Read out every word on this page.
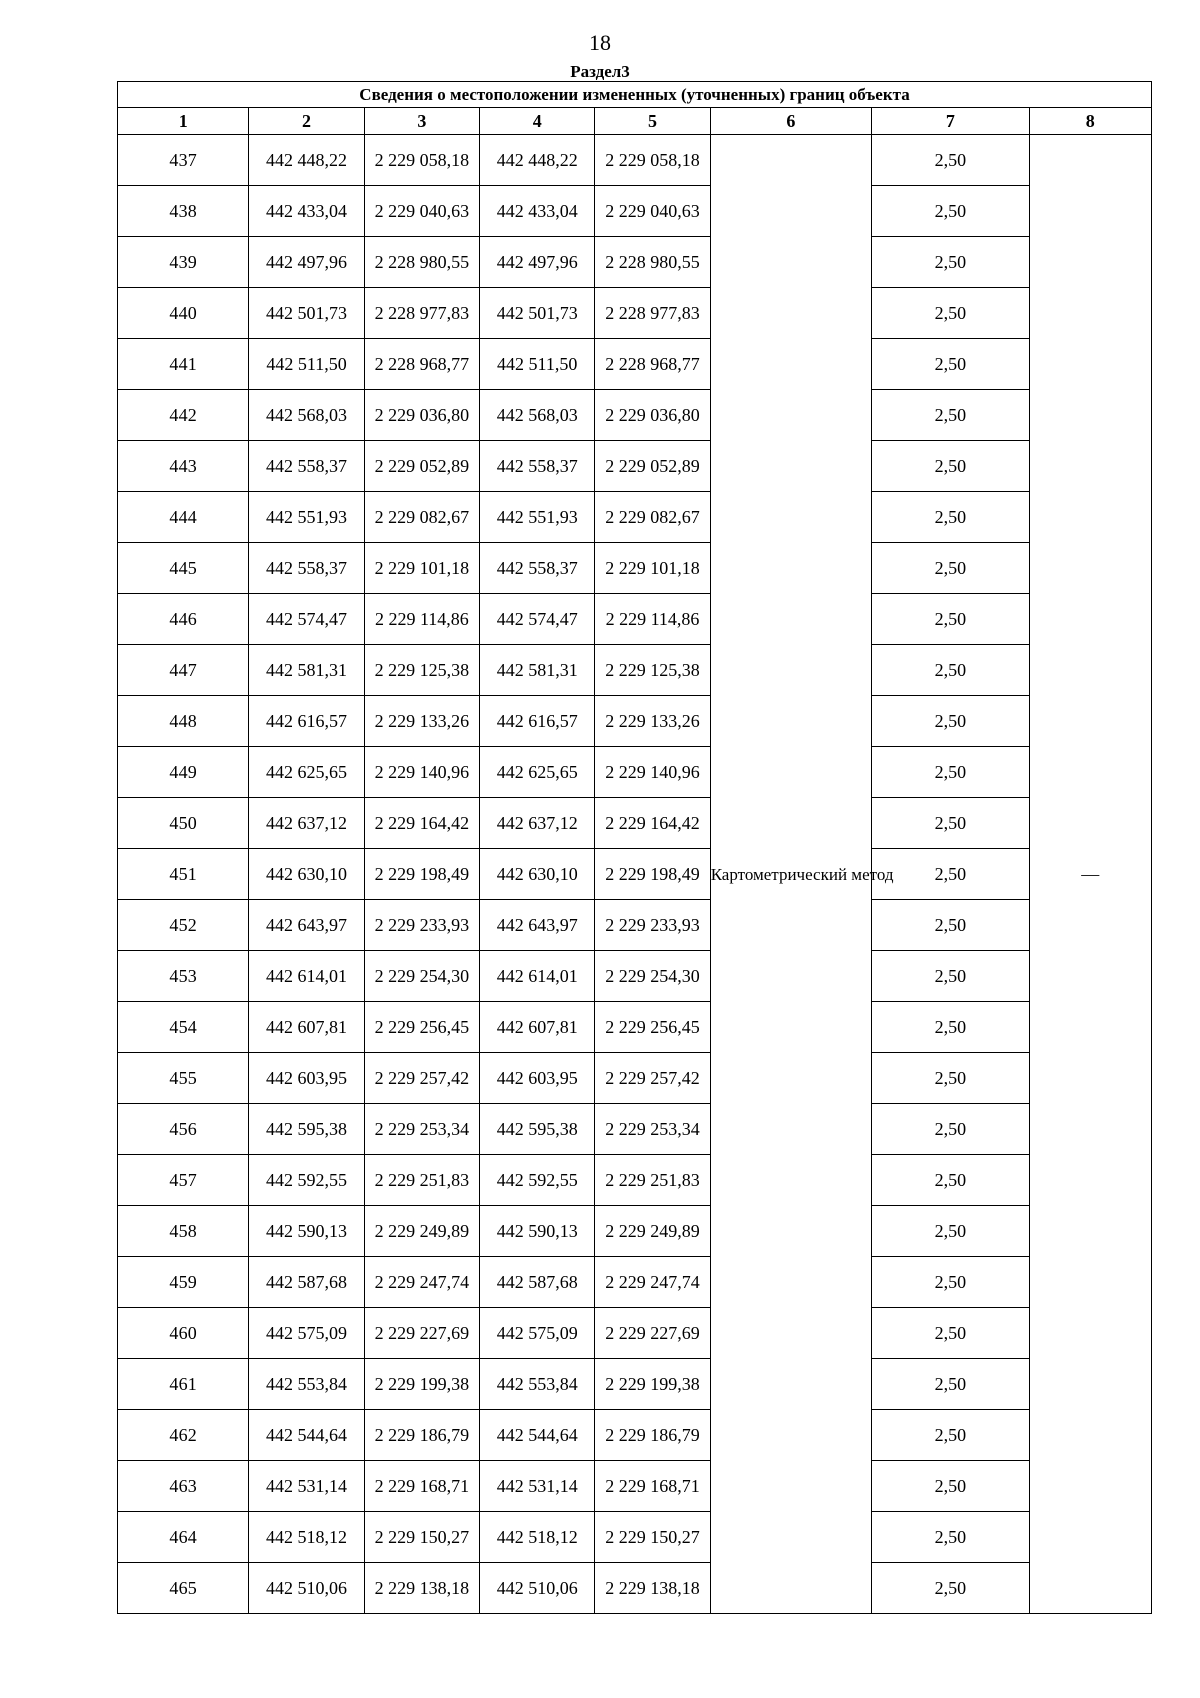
18
Раздел3
Сведения о местоположении измененных (уточненных) границ объекта							
1	2	3	4	5	6	7	8
437	442 448,22	2 229 058,18	442 448,22	2 229 058,18	Картометрический метод	2,50	—
438	442 433,04	2 229 040,63	442 433,04	2 229 040,63		2,50	
439	442 497,96	2 228 980,55	442 497,96	2 228 980,55		2,50	
440	442 501,73	2 228 977,83	442 501,73	2 228 977,83		2,50	
441	442 511,50	2 228 968,77	442 511,50	2 228 968,77		2,50	
442	442 568,03	2 229 036,80	442 568,03	2 229 036,80		2,50	
443	442 558,37	2 229 052,89	442 558,37	2 229 052,89		2,50	
444	442 551,93	2 229 082,67	442 551,93	2 229 082,67		2,50	
445	442 558,37	2 229 101,18	442 558,37	2 229 101,18		2,50	
446	442 574,47	2 229 114,86	442 574,47	2 229 114,86		2,50	
447	442 581,31	2 229 125,38	442 581,31	2 229 125,38		2,50	
448	442 616,57	2 229 133,26	442 616,57	2 229 133,26		2,50	
449	442 625,65	2 229 140,96	442 625,65	2 229 140,96		2,50	
450	442 637,12	2 229 164,42	442 637,12	2 229 164,42		2,50	
451	442 630,10	2 229 198,49	442 630,10	2 229 198,49		2,50	
452	442 643,97	2 229 233,93	442 643,97	2 229 233,93		2,50	
453	442 614,01	2 229 254,30	442 614,01	2 229 254,30		2,50	
454	442 607,81	2 229 256,45	442 607,81	2 229 256,45		2,50	
455	442 603,95	2 229 257,42	442 603,95	2 229 257,42		2,50	
456	442 595,38	2 229 253,34	442 595,38	2 229 253,34		2,50	
457	442 592,55	2 229 251,83	442 592,55	2 229 251,83		2,50	
458	442 590,13	2 229 249,89	442 590,13	2 229 249,89		2,50	
459	442 587,68	2 229 247,74	442 587,68	2 229 247,74		2,50	
460	442 575,09	2 229 227,69	442 575,09	2 229 227,69		2,50	
461	442 553,84	2 229 199,38	442 553,84	2 229 199,38		2,50	
462	442 544,64	2 229 186,79	442 544,64	2 229 186,79		2,50	
463	442 531,14	2 229 168,71	442 531,14	2 229 168,71		2,50	
464	442 518,12	2 229 150,27	442 518,12	2 229 150,27		2,50	
465	442 510,06	2 229 138,18	442 510,06	2 229 138,18		2,50	
